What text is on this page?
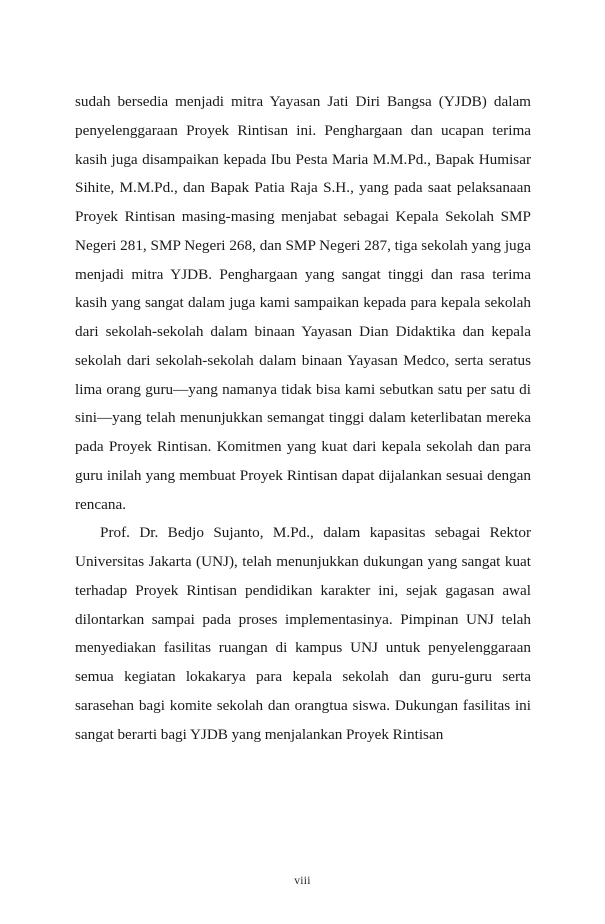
sudah bersedia menjadi mitra Yayasan Jati Diri Bangsa (YJDB) dalam penyelenggaraan Proyek Rintisan ini. Penghargaan dan ucapan terima kasih juga disampaikan kepada Ibu Pesta Maria M.M.Pd., Bapak Humisar Sihite, M.M.Pd., dan Bapak Patia Raja S.H., yang pada saat pelaksanaan Proyek Rintisan masing-masing menjabat sebagai Kepala Sekolah SMP Negeri 281, SMP Negeri 268, dan SMP Negeri 287, tiga sekolah yang juga menjadi mitra YJDB. Penghargaan yang sangat tinggi dan rasa terima kasih yang sangat dalam juga kami sampaikan kepada para kepala sekolah dari sekolah-sekolah dalam binaan Yayasan Dian Didaktika dan kepala sekolah dari sekolah-sekolah dalam binaan Yayasan Medco, serta seratus lima orang guru—yang namanya tidak bisa kami sebutkan satu per satu di sini—yang telah menunjukkan semangat tinggi dalam keterlibatan mereka pada Proyek Rintisan. Komitmen yang kuat dari kepala sekolah dan para guru inilah yang membuat Proyek Rintisan dapat dijalankan sesuai dengan rencana.

Prof. Dr. Bedjo Sujanto, M.Pd., dalam kapasitas sebagai Rektor Universitas Jakarta (UNJ), telah menunjukkan dukungan yang sangat kuat terhadap Proyek Rintisan pendidikan karakter ini, sejak gagasan awal dilontarkan sampai pada proses implementasinya. Pimpinan UNJ telah menyediakan fasilitas ruangan di kampus UNJ untuk penyelenggaraan semua kegiatan lokakarya para kepala sekolah dan guru-guru serta sarasehan bagi komite sekolah dan orangtua siswa. Dukungan fasilitas ini sangat berarti bagi YJDB yang menjalankan Proyek Rintisan

viii
